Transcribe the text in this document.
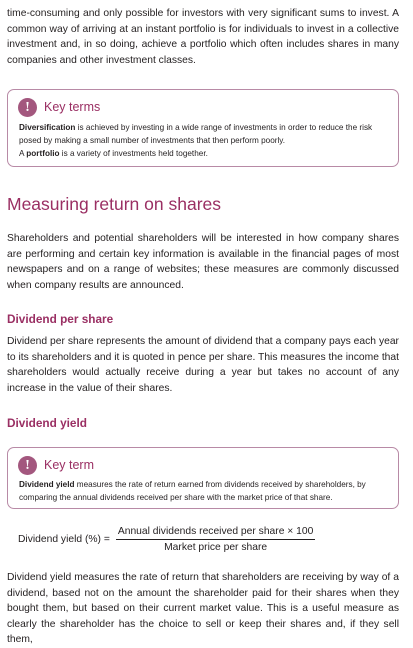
time-consuming and only possible for investors with very significant sums to invest. A common way of arriving at an instant portfolio is for individuals to invest in a collective investment and, in so doing, achieve a portfolio which often includes shares in many companies and other investment classes.

!	Key terms

Diversification is achieved by investing in a wide range of investments in order to reduce the risk posed by making a small number of investments that then perform poorly.
A portfolio is a variety of investments held together.

Measuring return on shares

Shareholders and potential shareholders will be interested in how company shares are performing and certain key information is available in the financial pages of most newspapers and on a range of websites; these measures are commonly discussed when company results are announced.

Dividend per share

Dividend per share represents the amount of dividend that a company pays each year to its shareholders and it is quoted in pence per share. This measures the income that shareholders would actually receive during a year but takes no account of any increase in the value of their shares.

Dividend yield
!	Key term

Dividend yield measures the rate of return earned from dividends received by shareholders, by comparing the annual dividends received per share with the market price of that share.

Dividend yield (%) = $\frac{\text{Annual dividends received per share × 100}}{\text{Market price per share}}$

Dividend yield measures the rate of return that shareholders are receiving by way of a dividend, based not on the amount the shareholder paid for their shares when they bought them, but based on their current market value. This is a useful measure as clearly the shareholder has the choice to sell or keep their shares and, if they sell them,
